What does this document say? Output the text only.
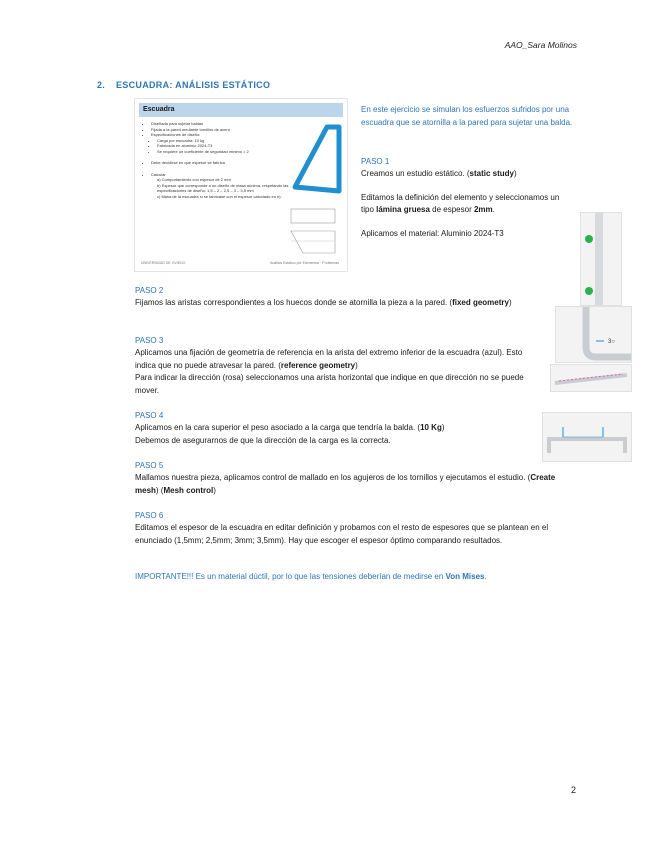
AAO_Sara Molinos
2. ESCUADRA: ANÁLISIS ESTÁTICO
Escuadra
• Diseñada para sujetar baldas
• Fijada a la pared mediante tornillos de acero
• Especificaciones de diseño:
• Carga por escuadra: 10 kg
• Fabricada en aluminio 2024-T3
• Se requiere un coeficiente de seguridad mínimo = 2
• Debe decidirse en qué espesor se fabrica
• Calcular
a) Comportamiento con espesor de 2 mm
b) Espesor que corresponde a un diseño de masa mínima, respetando las especificaciones de diseño: 1,5 – 2 – 2,5 – 3 – 3,5 mm
c) Masa de la escuadra si se fabricase con el espesor calculado en b).
UNIVERSIDAD DE OVIEDO	Análisis Estático por Elementos · Problemas
En este ejercicio se simulan los esfuerzos sufridos por una escuadra que se atornilla a la pared para sujetar una balda.
PASO 1
Creamos un estudio estático. (static study)
Editamos la definición del elemento y seleccionamos un tipo lámina gruesa de espesor 2mm.
Aplicamos el material: Aluminio 2024-T3
PASO 2
Fijamos las aristas correspondientes a los huecos donde se atornilla la pieza a la pared. (fixed geometry)
3○
PASO 3
Aplicamos una fijación de geometría de referencia en la arista del extremo inferior de la escuadra (azul). Esto indica que no puede atravesar la pared. (reference geometry)
Para indicar la dirección (rosa) seleccionamos una arista horizontal que indique en que dirección no se puede mover.
PASO 4
Aplicamos en la cara superior el peso asociado a la carga que tendría la balda. (10 Kg)
Debemos de asegurarnos de que la dirección de la carga es la correcta.
PASO 5
Mallamos nuestra pieza, aplicamos control de mallado en los agujeros de los tornillos y ejecutamos el estudio. (Create mesh) (Mesh control)
PASO 6
Editamos el espesor de la escuadra en editar definición y probamos con el resto de espesores que se plantean en el enunciado (1,5mm; 2,5mm; 3mm; 3,5mm). Hay que escoger el espesor óptimo comparando resultados.
IMPORTANTE!!! Es un material dúctil, por lo que las tensiones deberían de medirse en Von Mises.
2
